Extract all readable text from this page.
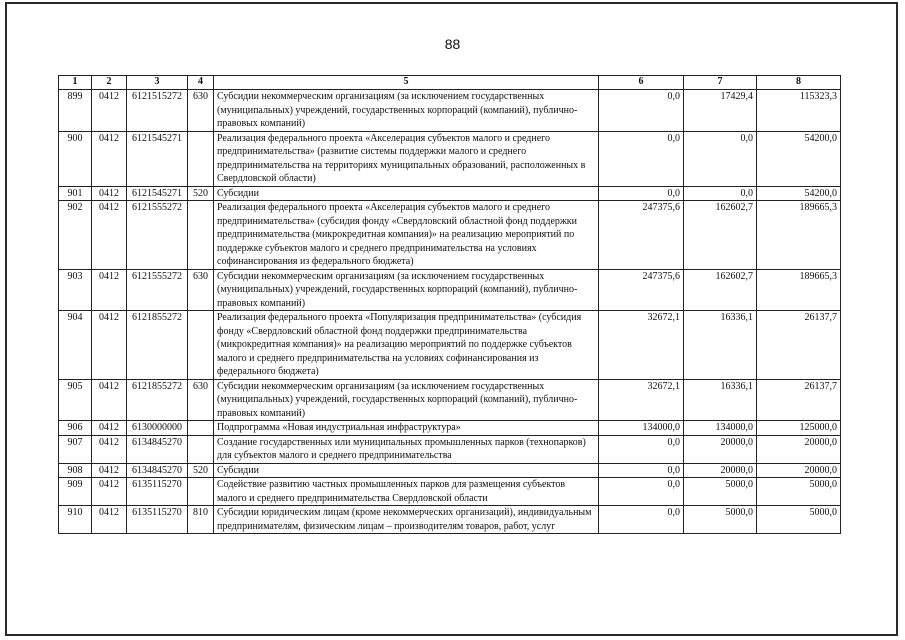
88
1	2	3	4	5	6	7	8
899	0412	6121515272	630	Субсидии некоммерческим организациям (за исключением государственных (муниципальных) учреждений, государственных корпораций (компаний), публично-правовых компаний)	0,0	17429,4	115323,3
900	0412	6121545271		Реализация федерального проекта «Акселерация субъектов малого и среднего предпринимательства» (развитие системы поддержки малого и среднего предпринимательства на территориях муниципальных образований, расположенных в Свердловской области)	0,0	0,0	54200,0
901	0412	6121545271	520	Субсидии	0,0	0,0	54200,0
902	0412	6121555272		Реализация федерального проекта «Акселерация субъектов малого и среднего предпринимательства» (субсидия фонду «Свердловский областной фонд поддержки предпринимательства (микрокредитная компания)» на реализацию мероприятий по поддержке субъектов малого и среднего предпринимательства на условиях софинансирования из федерального бюджета)	247375,6	162602,7	189665,3
903	0412	6121555272	630	Субсидии некоммерческим организациям (за исключением государственных (муниципальных) учреждений, государственных корпораций (компаний), публично-правовых компаний)	247375,6	162602,7	189665,3
904	0412	6121855272		Реализация федерального проекта «Популяризация предпринимательства» (субсидия фонду «Свердловский областной фонд поддержки предпринимательства (микрокредитная компания)» на реализацию мероприятий по поддержке субъектов малого и среднего предпринимательства на условиях софинансирования из федерального бюджета)	32672,1	16336,1	26137,7
905	0412	6121855272	630	Субсидии некоммерческим организациям (за исключением государственных (муниципальных) учреждений, государственных корпораций (компаний), публично-правовых компаний)	32672,1	16336,1	26137,7
906	0412	6130000000		Подпрограмма «Новая индустриальная инфраструктура»	134000,0	134000,0	125000,0
907	0412	6134845270		Создание государственных или муниципальных промышленных парков (технопарков) для субъектов малого и среднего предпринимательства	0,0	20000,0	20000,0
908	0412	6134845270	520	Субсидии	0,0	20000,0	20000,0
909	0412	6135115270		Содействие развитию частных промышленных парков для размещения субъектов малого и среднего предпринимательства Свердловской области	0,0	5000,0	5000,0
910	0412	6135115270	810	Субсидии юридическим лицам (кроме некоммерческих организаций), индивидуальным предпринимателям, физическим лицам – производителям товаров, работ, услуг	0,0	5000,0	5000,0
